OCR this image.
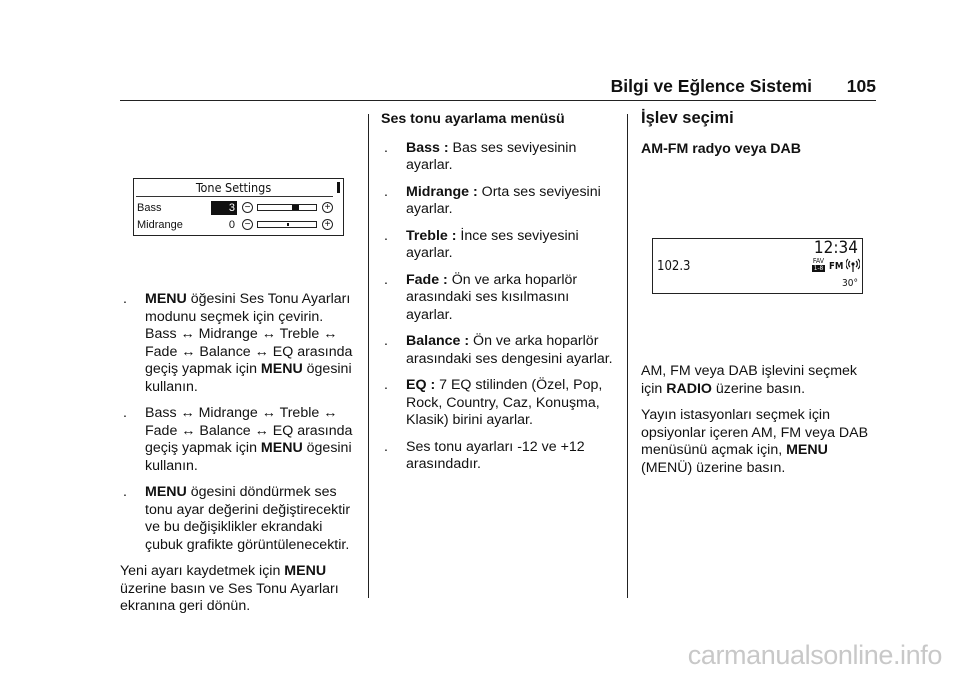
Bilgi ve Eğlence Sistemi 105
Tone Settings
Bass	3 −	+
Midrange	0 −	+
. MENU öğesini Ses Tonu Ayarları modunu seçmek için çevirin. Bass ↔ Midrange ↔ Treble ↔ Fade ↔ Balance ↔ EQ arasında geçiş yapmak için MENU ögesini kullanın.
. Bass ↔ Midrange ↔ Treble ↔ Fade ↔ Balance ↔ EQ arasında geçiş yapmak için MENU ögesini kullanın.
. MENU ögesini döndürmek ses tonu ayar değerini değiştirecektir ve bu değişiklikler ekrandaki çubuk grafikte görüntülenecektir.

Yeni ayarı kaydetmek için MENU üzerine basın ve Ses Tonu Ayarları ekranına geri dönün.

Ses tonu ayarlama menüsü
. Bass : Bas ses seviyesinin ayarlar.
. Midrange : Orta ses seviyesini ayarlar.
. Treble : İnce ses seviyesini ayarlar.
. Fade : Ön ve arka hoparlör arasındaki ses kısılmasını ayarlar.
. Balance : Ön ve arka hoparlör arasındaki ses dengesini ayarlar.
. EQ : 7 EQ stilinden (Özel, Pop, Rock, Country, Caz, Konuşma, Klasik) birini ayarlar.
. Ses tonu ayarları -12 ve +12 arasındadır.
İşlev seçimi
AM-FM radyo veya DAB
12:34
102.3	FAV
1-8 FM
30°

AM, FM veya DAB işlevini seçmek için RADIO üzerine basın.

Yayın istasyonları seçmek için opsiyonlar içeren AM, FM veya DAB menüsünü açmak için, MENU (MENÜ) üzerine basın.

carmanualsonline.info
